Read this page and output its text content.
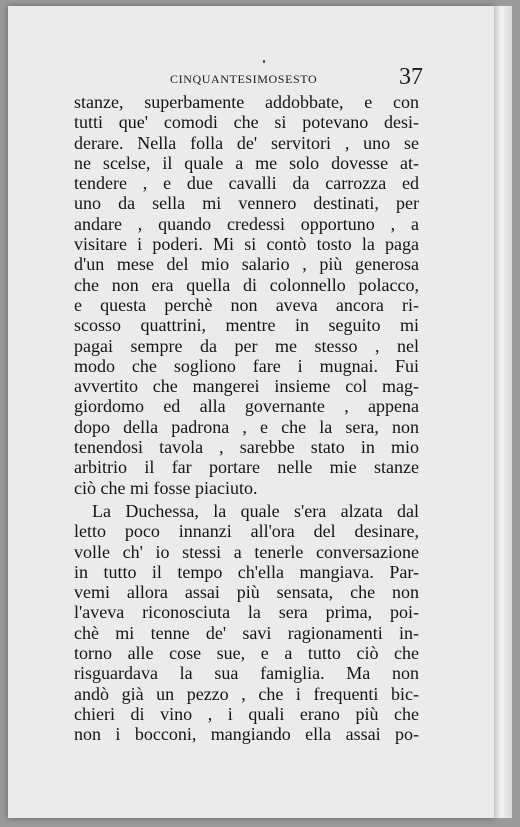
CINQUANTESIMOSESTO	37
stanze, superbamente addobbate, e con
tutti que' comodi che si potevano desi-
derare. Nella folla de' servitori , uno se
ne scelse, il quale a me solo dovesse at-
tendere , e due cavalli da carrozza ed
uno da sella mi vennero destinati, per
andare , quando credessi opportuno , a
visitare i poderi. Mi si contò tosto la paga
d'un mese del mio salario , più generosa
che non era quella di colonnello polacco,
e questa perchè non aveva ancora ri-
scosso quattrini, mentre in seguito mi
pagai sempre da per me stesso , nel
modo che sogliono fare i mugnai. Fui
avvertito che mangerei insieme col mag-
giordomo ed alla governante , appena
dopo della padrona , e che la sera, non
tenendosi tavola , sarebbe stato in mio
arbitrio il far portare nelle mie stanze
ciò che mi fosse piaciuto.
La Duchessa, la quale s'era alzata dal
letto poco innanzi all'ora del desinare,
volle ch' io stessi a tenerle conversazione
in tutto il tempo ch'ella mangiava. Par-
vemi allora assai più sensata, che non
l'aveva riconosciuta la sera prima, poi-
chè mi tenne de' savi ragionamenti in-
torno alle cose sue, e a tutto ciò che
risguardava la sua famiglia. Ma non
andò già un pezzo , che i frequenti bic-
chieri di vino , i quali erano più che
non i bocconi, mangiando ella assai po-
